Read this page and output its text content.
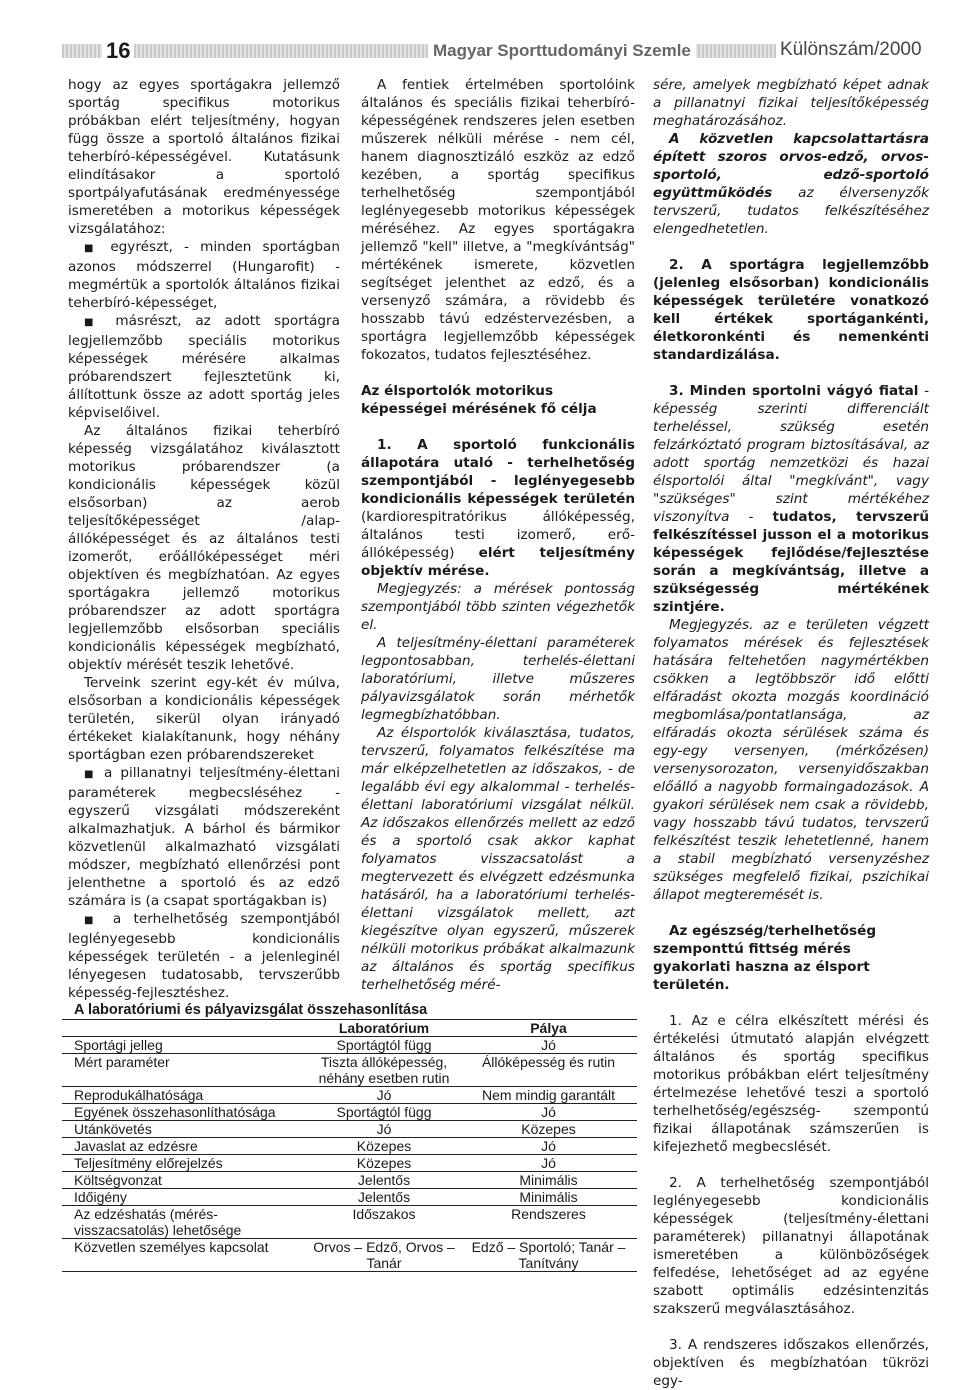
16	Magyar Sporttudományi Szemle	Különszám/2000

hogy az egyes sportágakra jellemző sportág specifikus motorikus próbákban elért teljesítmény, hogyan függ össze a sportoló általános fizikai teherbíró-képességével. Kutatásunk elindításakor a sportoló sportpályafutásának eredményessége ismeretében a motorikus képességek vizsgálatához:

■ egyrészt, - minden sportágban azonos módszerrel (Hungarofit) - megmértük a sportolók általános fizikai teherbíró-képességet,

■ másrészt, az adott sportágra legjellemzőbb speciális motorikus képességek mérésére alkalmas próbarendszert fejlesztetünk ki, állítottunk össze az adott sportág jeles képviselőivel.

Az általános fizikai teherbíró képesség vizsgálatához kiválasztott motorikus próbarendszer (a kondicionális képességek közül elsősorban) az aerob teljesítőképességet /alap-állóképességet és az általános testi izomerőt, erőállóképességet méri objektíven és megbízhatóan. Az egyes sportágakra jellemző motorikus próbarendszer az adott sportágra legjellemzőbb elsősorban speciális kondicionális képességek megbízható, objektív mérését teszik lehetővé.

Terveink szerint egy-két év múlva, elsősorban a kondicionális képességek területén, sikerül olyan irányadó értékeket kialakítanunk, hogy néhány sportágban ezen próbarendszereket

■ a pillanatnyi teljesítmény-élettani paraméterek megbecsléséhez - egyszerű vizsgálati módszereként alkalmazhatjuk. A bárhol és bármikor közvetlenül alkalmazható vizsgálati módszer, megbízható ellenőrzési pont jelenthetne a sportoló és az edző számára is (a csapat sportágakban is)

■ a terhelhetőség szempontjából leglényegesebb kondicionális képességek területén - a jelenleginél lényegesen tudatosabb, tervszerűbb képesség-fejlesztéshez.

A fentiek értelmében sportolóink általános és speciális fizikai teherbíró-képességének rendszeres jelen esetben műszerek nélküli mérése - nem cél, hanem diagnosztizáló eszköz az edző kezében, a sportág specifikus terhelhetőség szempontjából leglényegesebb motorikus képességek méréséhez. Az egyes sportágakra jellemző "kell" illetve, a "megkívántság" mértékének ismerete, közvetlen segítséget jelenthet az edző, és a versenyző számára, a rövidebb és hosszabb távú edzéstervezésben, a sportágra legjellemzőbb képességek fokozatos, tudatos fejlesztéséhez.

Az élsportolók motorikus képességei mérésének fő célja

1. A sportoló funkcionális állapotára utaló - terhelhetőség szempontjából - leglényegesebb kondicionális képességek területén (kardiorespitratórikus állóképesség, általános testi izomerő, erő-állóképesség) elért teljesítmény objektív mérése.

Megjegyzés: a mérések pontosság szempontjából több szinten végezhetők el.

A teljesítmény-élettani paraméterek legpontosabban, terhelés-élettani laboratóriumi, illetve műszeres pályavizsgálatok során mérhetők legmegbízhatóbban.

Az élsportolók kiválasztása, tudatos, tervszerű, folyamatos felkészítése ma már elképzelhetetlen az időszakos, - de legalább évi egy alkalommal - terhelés-élettani laboratóriumi vizsgálat nélkül. Az időszakos ellenőrzés mellett az edző és a sportoló csak akkor kaphat folyamatos visszacsatolást a megtervezett és elvégzett edzésmunka hatásáról, ha a laboratóriumi terhelés-élettani vizsgálatok mellett, azt kiegészítve olyan egyszerű, műszerek nélküli motorikus próbákat alkalmazunk az általános és sportág specifikus terhelhetőség méré-

sére, amelyek megbízható képet adnak a pillanatnyi fizikai teljesítőképesség meghatározásához.

A közvetlen kapcsolattartásra épített szoros orvos-edző, orvos- sportoló, edző-sportoló együttműködés az élversenyzők tervszerű, tudatos felkészítéséhez elengedhetetlen.

2. A sportágra legjellemzőbb (jelenleg elsősorban) kondicionális képességek területére vonatkozó kell értékek sportágankénti, életkoronkénti és nemenkénti standardizálása.

3. Minden sportolni vágyó fiatal - képesség szerinti differenciált terheléssel, szükség esetén felzárkóztató program biztosításával, az adott sportág nemzetközi és hazai élsportolói által "megkívánt", vagy "szükséges" szint mértékéhez viszonyítva - tudatos, tervszerű felkészítéssel jusson el a motorikus képességek fejlődése/fejlesztése során a megkívántság, illetve a szükségesség mértékének szintjére.

Megjegyzés. az e területen végzett folyamatos mérések és fejlesztések hatására feltehetően nagymértékben csökken a legtöbbször idő előtti elfáradást okozta mozgás koordináció megbomlása/pontatlansága, az elfáradás okozta sérülések száma és egy-egy versenyen, (mérkőzésen) versenysorozaton, versenyidőszakban előálló a nagyobb formaingadozások. A gyakori sérülések nem csak a rövidebb, vagy hosszabb távú tudatos, tervszerű felkészítést teszik lehetetlenné, hanem a stabil megbízható versenyzéshez szükséges megfelelő fizikai, pszichikai állapot megteremését is.

Az egészség/terhelhetőség szemponttú fittség mérés gyakorlati haszna az élsport területén.

1. Az e célra elkészített mérési és értékelési útmutató alapján elvégzett általános és sportág specifikus motorikus próbákban elért teljesítmény értelmezése lehetővé teszi a sportoló terhelhetőség/egészség- szempontú fizikai állapotának számszerűen is kifejezhető megbecslését.

2. A terhelhetőség szempontjából leglényegesebb kondicionális képességek (teljesítmény-élettani paraméterek) pillanatnyi állapotának ismeretében a különbözőségek felfedése, lehetőséget ad az egyéne szabott optimális edzésintenzitás szakszerű megválasztásához.

3. A rendszeres időszakos ellenőrzés, objektíven és megbízhatóan tükrözi egy-

A laboratóriumi és pályavizsgálat összehasonlítása
	Laboratórium	Pálya
Sportági jelleg	Sportágtól függ	Jó
Mért paraméter	Tiszta állóképesség, néhány esetben rutin	Állóképesség és rutin
Reprodukálhatósága	Jó	Nem mindig garantált
Egyének összehasonlíthatósága	Sportágtól függ	Jó
Utánkövetés	Jó	Közepes
Javaslat az edzésre	Közepes	Jó
Teljesítmény előrejelzés	Közepes	Jó
Költségvonzat	Jelentős	Minimális
Időigény	Jelentős	Minimális
Az edzéshatás (mérés-visszacsatolás) lehetősége	Időszakos	Rendszeres
Közvetlen személyes kapcsolat	Orvos – Edző, Orvos – Tanár	Edző – Sportoló; Tanár – Tanítvány
